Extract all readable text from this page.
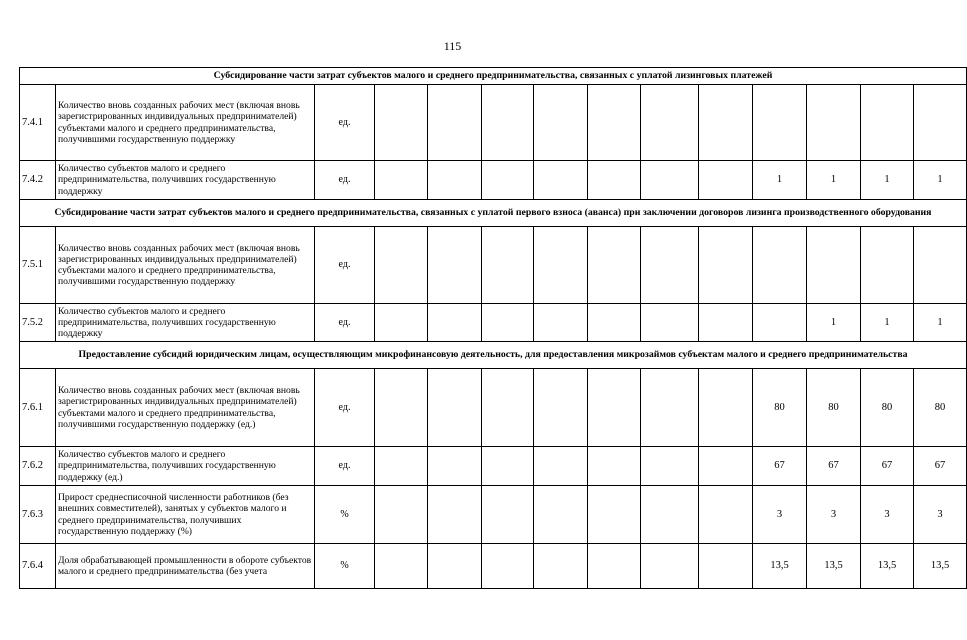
115
Субсидирование части затрат субъектов малого и среднего предпринимательства, связанных с уплатой лизинговых платежей													
7.4.1	Количество вновь созданных рабочих мест (включая вновь зарегистрированных индивидуальных предпринимателей) субъектами малого и среднего предпринимательства, получившими государственную поддержку	ед.											
7.4.2	Количество субъектов малого и среднего предпринимательства, получивших государственную поддержку	ед.								1	1	1	1
Субсидирование части затрат субъектов малого и среднего предпринимательства, связанных с уплатой первого взноса (аванса) при заключении договоров лизинга производственного оборудования													
7.5.1	Количество вновь созданных рабочих мест (включая вновь зарегистрированных индивидуальных предпринимателей) субъектами малого и среднего предпринимательства, получившими государственную поддержку	ед.											
7.5.2	Количество субъектов малого и среднего предпринимательства, получивших государственную поддержку	ед.									1	1	1
Предоставление субсидий юридическим лицам, осуществляющим микрофинансовую деятельность, для предоставления микрозаймов субъектам малого и среднего предпринимательства													
7.6.1	Количество вновь созданных рабочих мест (включая вновь зарегистрированных индивидуальных предпринимателей) субъектами малого и среднего предпринимательства, получившими государственную поддержку (ед.)	ед.								80	80	80	80
7.6.2	Количество субъектов малого и среднего предпринимательства, получивших государственную поддержку (ед.)	ед.								67	67	67	67
7.6.3	Прирост среднесписочной численности работников (без внешних совместителей), занятых у субъектов малого и среднего предпринимательства, получивших государственную поддержку (%)	%								3	3	3	3
7.6.4	Доля обрабатывающей промышленности в обороте субъектов малого и среднего предпринимательства (без учета	%								13,5	13,5	13,5	13,5
